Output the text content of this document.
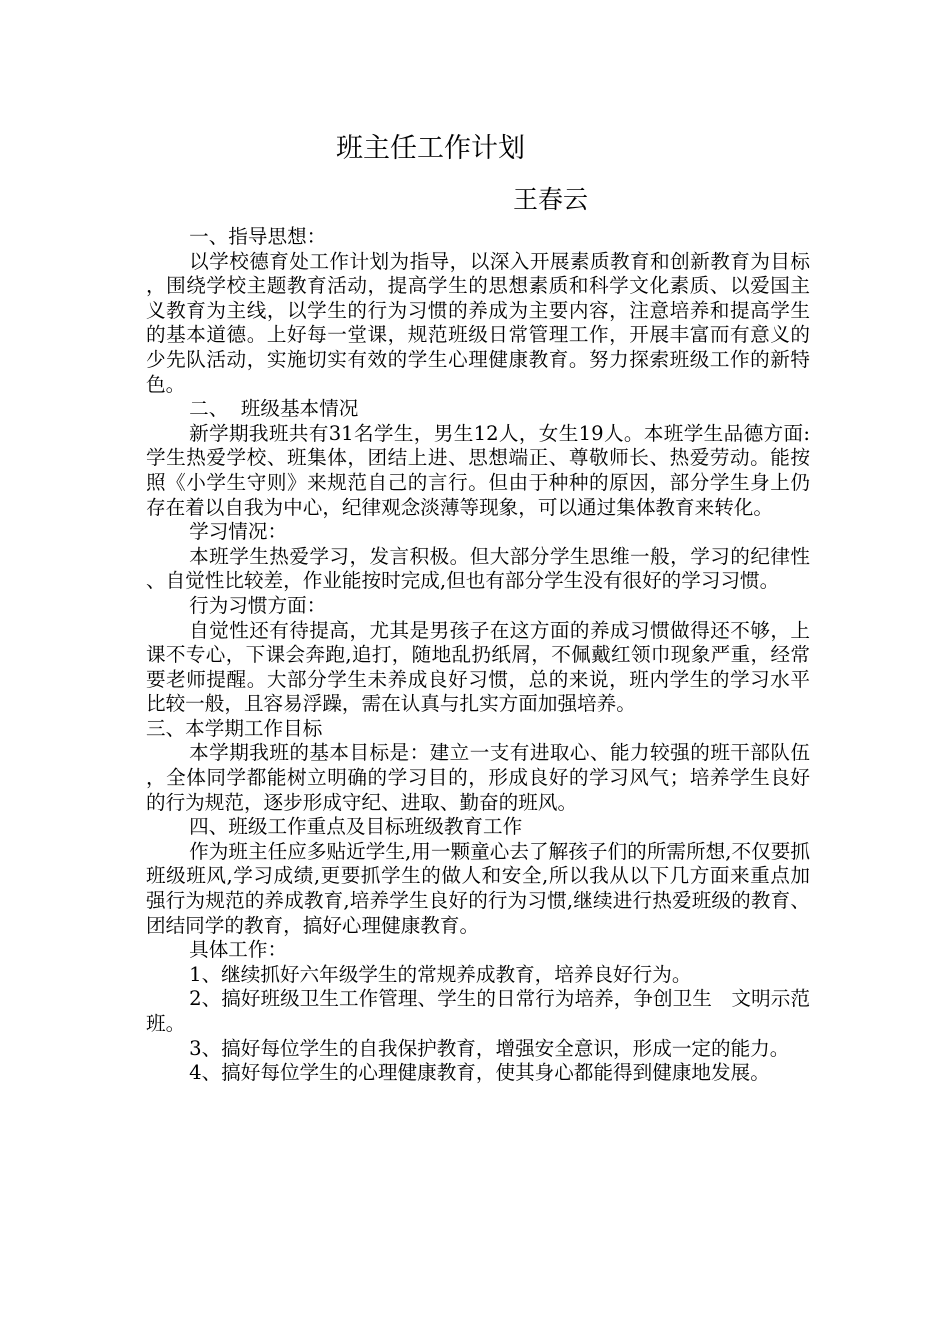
班主任工作计划
王春云

一、指导思想：

以学校德育处工作计划为指导，以深入开展素质教育和创新教育为目标，围绕学校主题教育活动，提高学生的思想素质和科学文化素质、以爱国主义教育为主线，以学生的行为习惯的养成为主要内容，注意培养和提高学生的基本道德。上好每一堂课，规范班级日常管理工作，开展丰富而有意义的少先队活动，实施切实有效的学生心理健康教育。努力探索班级工作的新特色。

二、  班级基本情况

新学期我班共有31名学生，男生12人，女生19人。本班学生品德方面:学生热爱学校、班集体，团结上进、思想端正、尊敬师长、热爱劳动。能按照《小学生守则》来规范自己的言行。但由于种种的原因，部分学生身上仍存在着以自我为中心，纪律观念淡薄等现象，可以通过集体教育来转化。

学习情况：

本班学生热爱学习，发言积极。但大部分学生思维一般，学习的纪律性、自觉性比较差，作业能按时完成,但也有部分学生没有很好的学习习惯。

行为习惯方面：

自觉性还有待提高，尤其是男孩子在这方面的养成习惯做得还不够，上课不专心，下课会奔跑,追打，随地乱扔纸屑，不佩戴红领巾现象严重，经常要老师提醒。大部分学生未养成良好习惯，总的来说，班内学生的学习水平比较一般，且容易浮躁，需在认真与扎实方面加强培养。

三、本学期工作目标

本学期我班的基本目标是：建立一支有进取心、能力较强的班干部队伍，全体同学都能树立明确的学习目的，形成良好的学习风气；培养学生良好的行为规范，逐步形成守纪、进取、勤奋的班风。

四、班级工作重点及目标班级教育工作

作为班主任应多贴近学生,用一颗童心去了解孩子们的所需所想,不仅要抓班级班风,学习成绩,更要抓学生的做人和安全,所以我从以下几方面来重点加强行为规范的养成教育,培养学生良好的行为习惯,继续进行热爱班级的教育、团结同学的教育，搞好心理健康教育。

具体工作：

1、继续抓好六年级学生的常规养成教育，培养良好行为。

2、搞好班级卫生工作管理、学生的日常行为培养，争创卫生　文明示范班。

3、搞好每位学生的自我保护教育，增强安全意识，形成一定的能力。

4、搞好每位学生的心理健康教育，使其身心都能得到健康地发展。
